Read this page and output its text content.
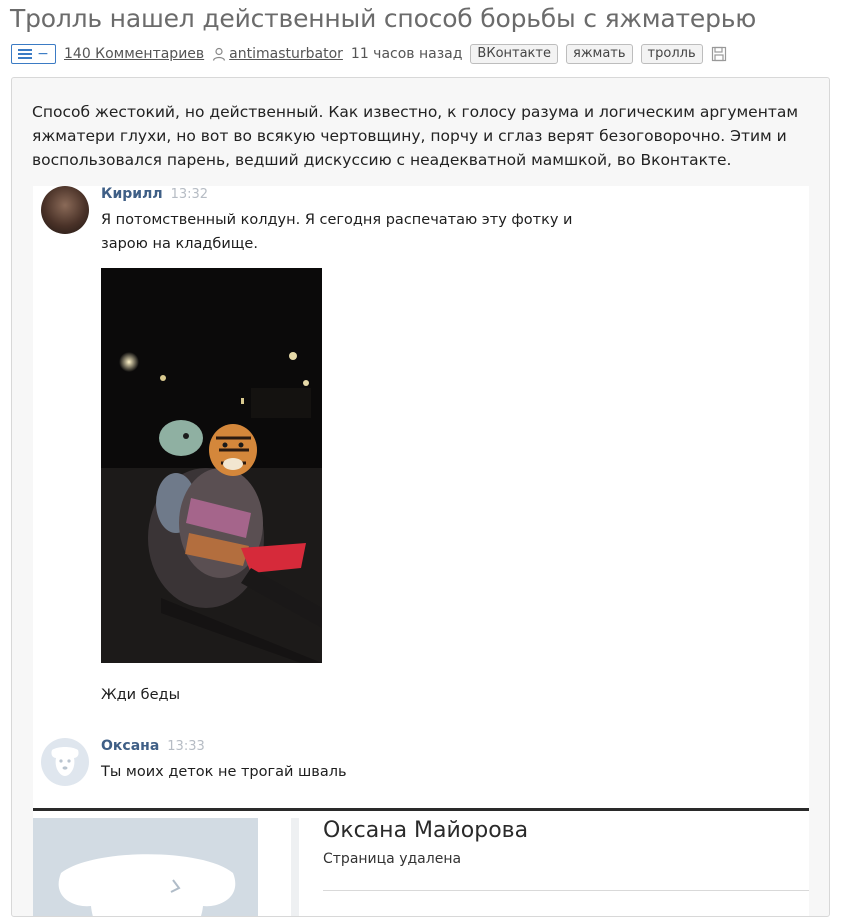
Тролль нашел действенный способ борьбы с яжматерью
− 140 Комментариев antimasturbator 11 часов назад	ВКонтакте	яжмать	тролль

Способ жестокий, но действенный. Как известно, к голосу разума и логическим аргументам яжматери глухи, но вот во всякую чертовщину, порчу и сглаз верят безоговорочно. Этим и воспользовался парень, ведший дискуссию с неадекватной мамшкой, во Вконтакте.

Кирилл 13:32

Я потомственный колдун. Я сегодня распечатаю эту фотку и

зарою на кладбище.

Жди беды

Оксана 13:33

Ты моих деток не трогай шваль

Оксана Майорова
Страница удалена
